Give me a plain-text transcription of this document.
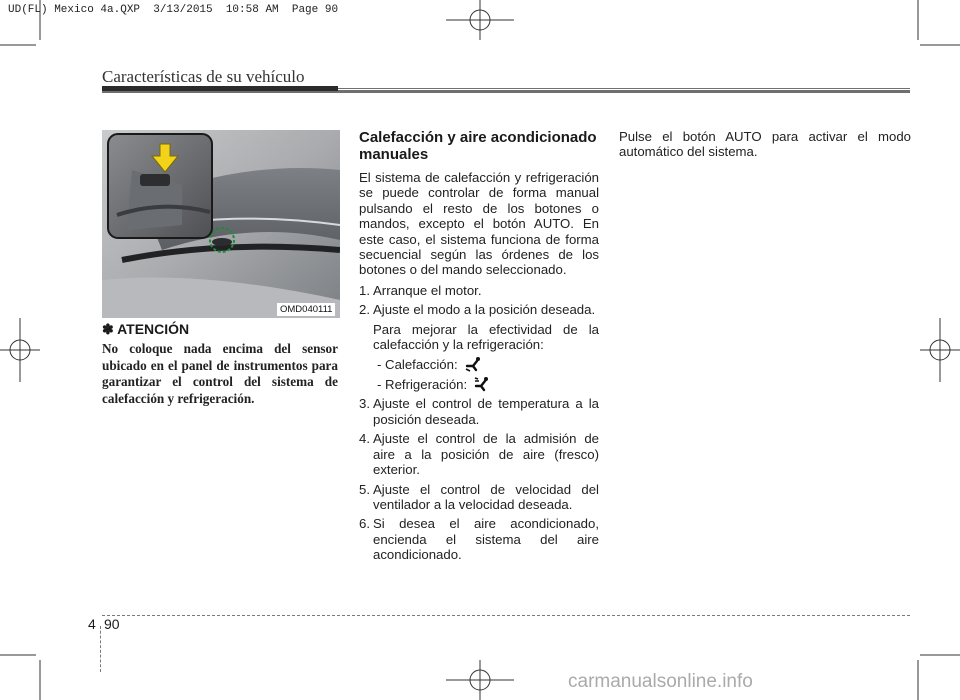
UD(FL) Mexico 4a.QXP  3/13/2015  10:58 AM  Page 90
Características de su vehículo
OMD040111
✽ ATENCIÓN
No coloque nada encima del sensor ubicado en el panel de instrumentos para garantizar el control del sistema de calefacción y refrigeración.
Calefacción y aire acondicionado manuales
El sistema de calefacción y refrigeración se puede controlar de forma manual pulsando el resto de los botones o mandos, excepto el botón AUTO. En este caso, el sistema funciona de forma secuencial según las órdenes de los botones o del mando seleccionado.
1. Arranque el motor.
2. Ajuste el modo a la posición deseada.
Para mejorar la efectividad de la calefacción y la refrigeración:
- Calefacción:
- Refrigeración:
3. Ajuste el control de temperatura a la posición deseada.
4. Ajuste el control de la admisión de aire a la posición de aire (fresco) exterior.
5. Ajuste el control de velocidad del ventilador a la velocidad deseada.
6. Si desea el aire acondicionado, encienda el sistema del aire acondicionado.
Pulse el botón AUTO para activar el modo automático del sistema.
4 90
carmanualsonline.info
